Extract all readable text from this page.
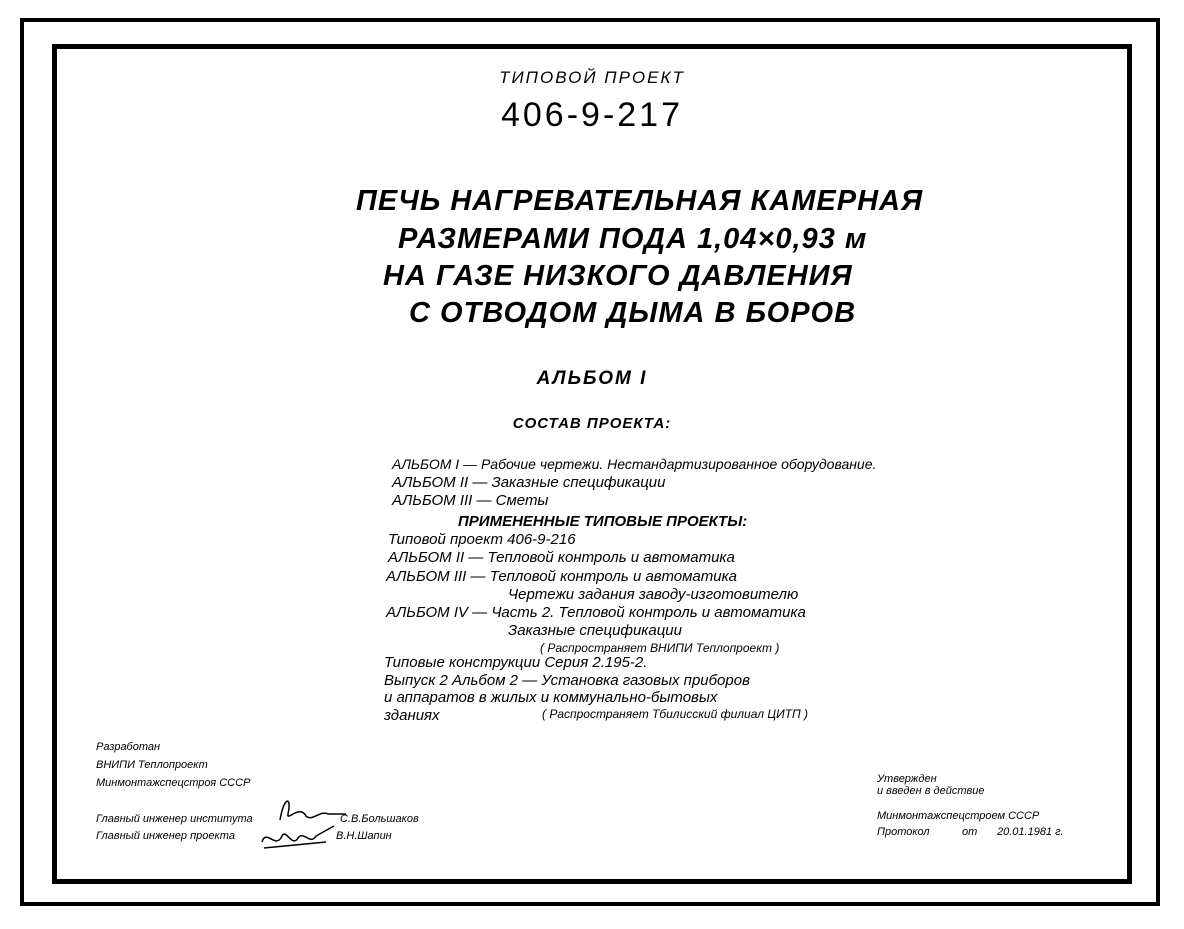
ТИПОВОЙ ПРОЕКТ
406-9-217
ПЕЧЬ НАГРЕВАТЕЛЬНАЯ КАМЕРНАЯ
РАЗМЕРАМИ ПОДА 1,04×0,93 м
НА ГАЗЕ НИЗКОГО ДАВЛЕНИЯ
С ОТВОДОМ ДЫМА В БОРОВ
АЛЬБОМ I
СОСТАВ ПРОЕКТА:
АЛЬБОМ I — Рабочие чертежи. Нестандартизированное оборудование.
АЛЬБОМ II — Заказные спецификации
АЛЬБОМ III — Сметы
ПРИМЕНЕННЫЕ ТИПОВЫЕ ПРОЕКТЫ:
Типовой проект 406-9-216
АЛЬБОМ II — Тепловой контроль и автоматика
АЛЬБОМ III — Тепловой контроль и автоматика
Чертежи задания заводу-изготовителю
АЛЬБОМ IV — Часть 2. Тепловой контроль и автоматика
Заказные спецификации
( Распространяет ВНИПИ Теплопроект )
Типовые конструкции Серия 2.195-2.
Выпуск 2 Альбом 2 — Установка газовых приборов
и аппаратов в жилых и коммунально-бытовых
зданиях	( Распространяет Тбилисский филиал ЦИТП )
Разработан
ВНИПИ Теплопроект
Минмонтажспецстроя СССР
Главный инженер института	С.В.Большаков
Главный инженер проекта	В.Н.Шапин
Утвержден
и введен в действие
Минмонтажспецстроем СССР
Протокол	от 20.01.1981 г.
